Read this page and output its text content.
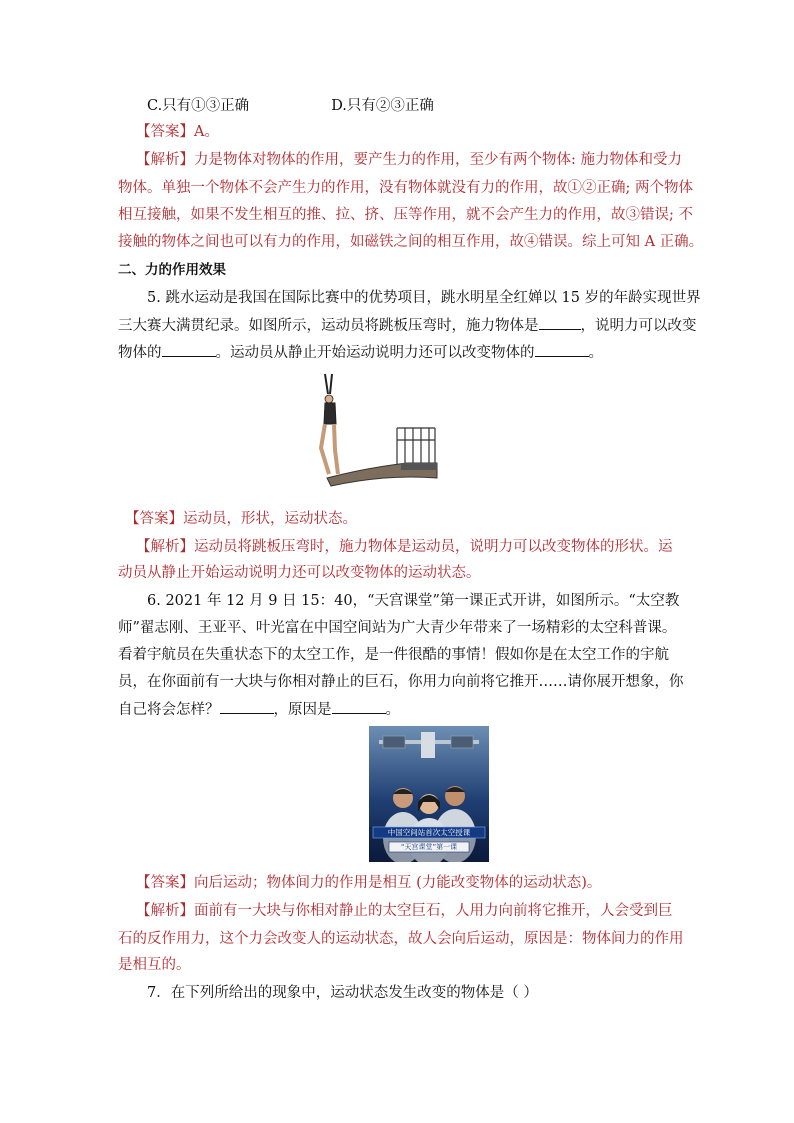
C.只有①③正确	D.只有②③正确
【答案】A。
【解析】力是物体对物体的作用，要产生力的作用，至少有两个物体: 施力物体和受力
物体。单独一个物体不会产生力的作用，没有物体就没有力的作用，故①②正确; 两个物体
相互接触，如果不发生相互的推、拉、挤、压等作用，就不会产生力的作用，故③错误; 不
接触的物体之间也可以有力的作用，如磁铁之间的相互作用，故④错误。综上可知 A 正确。
二、力的作用效果
5. 跳水运动是我国在国际比赛中的优势项目，跳水明星全红婵以 15 岁的年龄实现世界
三大赛大满贯纪录。如图所示，运动员将跳板压弯时，施力物体是	，说明力可以改变
物体的	。运动员从静止开始运动说明力还可以改变物体的	。
【答案】运动员，形状，运动状态。
【解析】运动员将跳板压弯时，施力物体是运动员，说明力可以改变物体的形状。运
动员从静止开始运动说明力还可以改变物体的运动状态。
6. 2021 年 12 月 9 日 15：40，“天宫课堂”第一课正式开讲，如图所示。“太空教
师”翟志刚、王亚平、叶光富在中国空间站为广大青少年带来了一场精彩的太空科普课。
看着宇航员在失重状态下的太空工作，是一件很酷的事情！假如你是在太空工作的宇航
员，在你面前有一大块与你相对静止的巨石，你用力向前将它推开……请你展开想象，你
自己将会怎样？	，原因是	。
中国空间站首次太空授课
“天宫课堂”第一课
【答案】向后运动；物体间力的作用是相互 (力能改变物体的运动状态)。
【解析】面前有一大块与你相对静止的太空巨石，人用力向前将它推开，人会受到巨
石的反作用力，这个力会改变人的运动状态，故人会向后运动，原因是：物体间力的作用
是相互的。
7．在下列所给出的现象中，运动状态发生改变的物体是（ ）
